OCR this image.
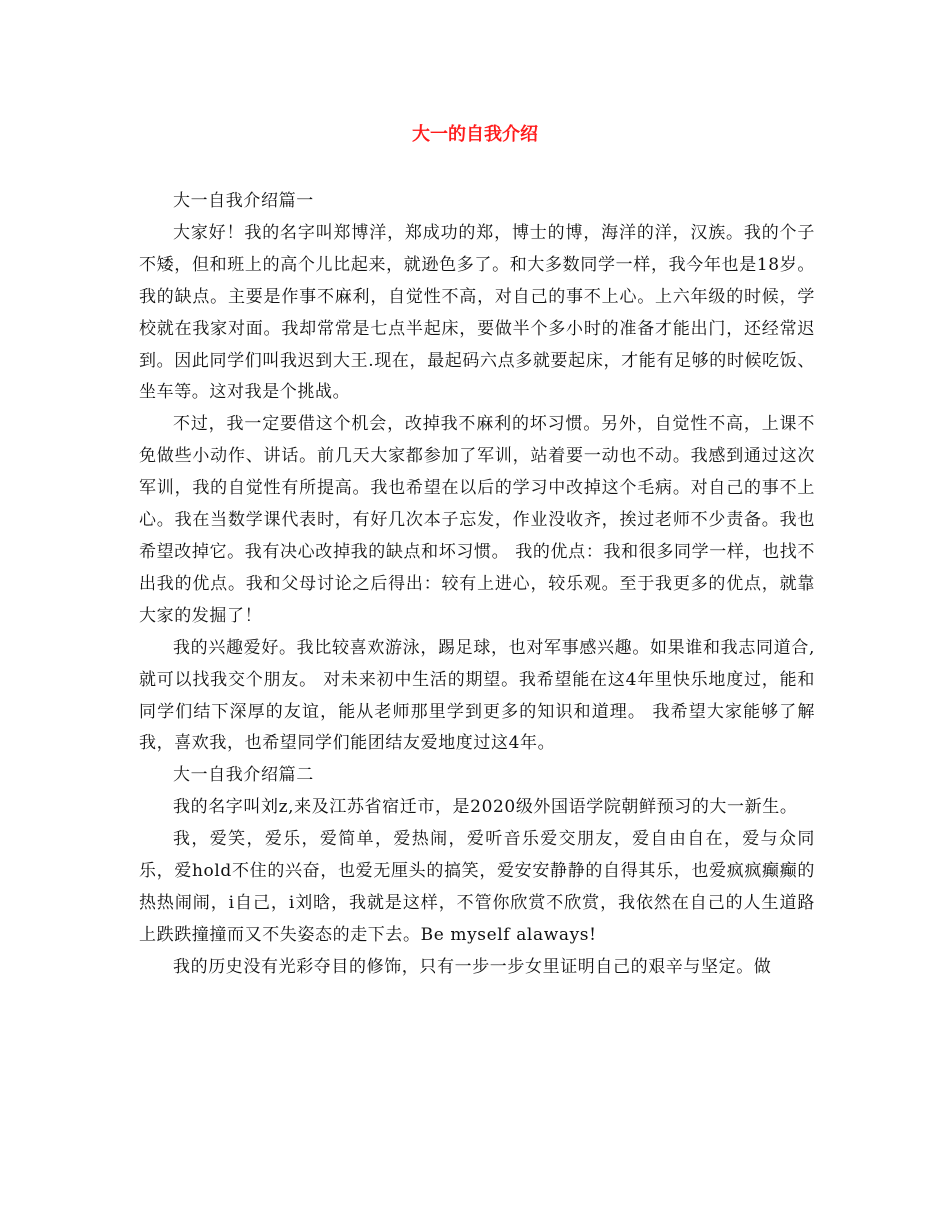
大一的自我介绍

大一自我介绍篇一

大家好！我的名字叫郑博洋，郑成功的郑，博士的博，海洋的洋，汉族。我的个子不矮，但和班上的高个儿比起来，就逊色多了。和大多数同学一样，我今年也是18岁。 我的缺点。主要是作事不麻利，自觉性不高，对自己的事不上心。上六年级的时候，学校就在我家对面。我却常常是七点半起床，要做半个多小时的准备才能出门，还经常迟到。因此同学们叫我迟到大王.现在，最起码六点多就要起床，才能有足够的时候吃饭、坐车等。这对我是个挑战。

不过，我一定要借这个机会，改掉我不麻利的坏习惯。另外，自觉性不高，上课不免做些小动作、讲话。前几天大家都参加了军训，站着要一动也不动。我感到通过这次军训，我的自觉性有所提高。我也希望在以后的学习中改掉这个毛病。对自己的事不上心。我在当数学课代表时，有好几次本子忘发，作业没收齐，挨过老师不少责备。我也希望改掉它。我有决心改掉我的缺点和坏习惯。 我的优点：我和很多同学一样，也找不出我的优点。我和父母讨论之后得出：较有上进心，较乐观。至于我更多的优点，就靠大家的发掘了！

我的兴趣爱好。我比较喜欢游泳，踢足球，也对军事感兴趣。如果谁和我志同道合,就可以找我交个朋友。 对未来初中生活的期望。我希望能在这4年里快乐地度过，能和同学们结下深厚的友谊，能从老师那里学到更多的知识和道理。 我希望大家能够了解我，喜欢我，也希望同学们能团结友爱地度过这4年。

大一自我介绍篇二

我的名字叫刘z,来及江苏省宿迁市，是2020级外国语学院朝鲜预习的大一新生。

我，爱笑，爱乐，爱简单，爱热闹，爱听音乐爱交朋友，爱自由自在，爱与众同乐，爱hold不住的兴奋，也爱无厘头的搞笑，爱安安静静的自得其乐，也爱疯疯癫癫的热热闹闹，i自己，i刘晗，我就是这样，不管你欣赏不欣赏，我依然在自己的人生道路上跌跌撞撞而又不失姿态的走下去。Be myself alaways!

我的历史没有光彩夺目的修饰，只有一步一步女里证明自己的艰辛与坚定。做
